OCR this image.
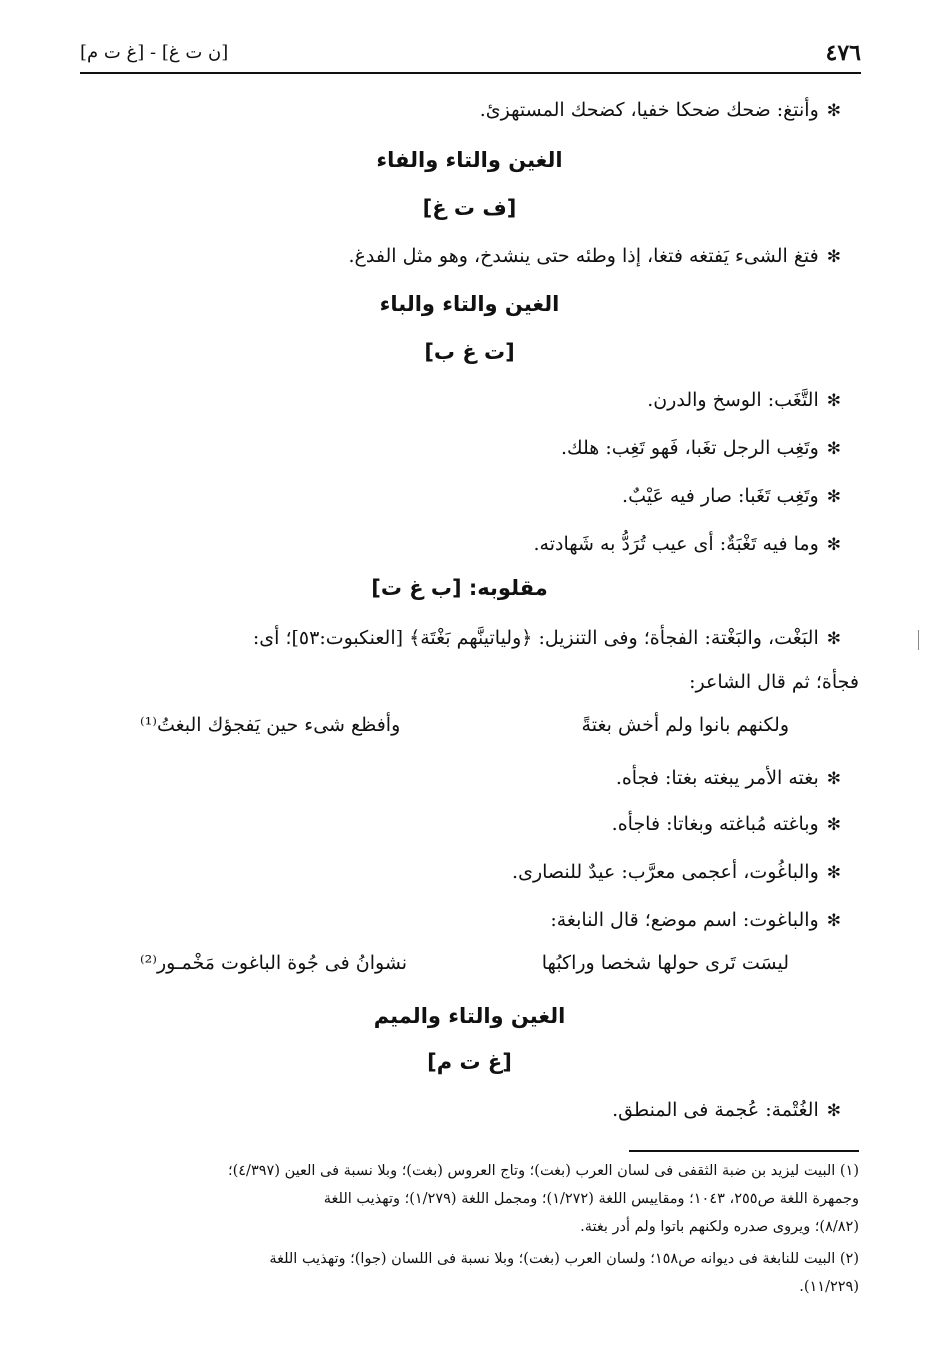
٤٧٦
[ن ت غ] - [غ ت م]
✻وأنتغ: ضحك ضحكا خفيا، كضحك المستهزئ.
الغين والتاء والفاء
[ف ت غ]
✻فتغ الشىء يَفتغه فتغا، إذا وطئه حتى ينشدخ، وهو مثل الفدغ.
الغين والتاء والباء
[ت غ ب]
✻التَّغَب: الوسخ والدرن.
✻وتَغِب الرجل تغَبا، فَهو تَغِب: هلك.
✻وتَغِب تَغَبا: صار فيه عَيْبٌ.
✻وما فيه تَغْبَةٌ: أى عيب تُرَدُّ به شَهادته.
مقلوبه: [ب غ ت]
✻البَغْت، والبَغْتة: الفجأة؛ وفى التنزيل: ﴿ولياتينَّهم بَغْتَة﴾ [العنكبوت:٥٣]؛ أى:
فجأة؛ ثم قال الشاعر:
ولكنهم بانوا ولم أخش بغتةً
وأفظع شىء حين يَفجؤك البغتُ⁽¹⁾
✻بغته الأمر يبغته بغتا: فجأه.
✻وباغته مُباغته وبغاتا: فاجأه.
✻والباغُوت، أعجمى معرَّب: عيدٌ للنصارى.
✻والباغوت: اسم موضع؛ قال النابغة:
ليسَت تَرى حولها شخصا وراكبُها
نشوانُ فى جُوة الباغوت مَخْمـور⁽²⁾
الغين والتاء والميم
[غ ت م]
✻الغُتْمة: عُجمة فى المنطق.
(١) البيت ليزيد بن ضبة الثقفى فى لسان العرب (بغت)؛ وتاج العروس (بغت)؛ وبلا نسبة فى العين (٤/٣٩٧)؛
وجمهرة اللغة ص٢٥٥، ١٠٤٣؛ ومقاييس اللغة (١/٢٧٢)؛ ومجمل اللغة (١/٢٧٩)؛ وتهذيب اللغة
(٨/٨٢)؛ ويروى صدره ولكنهم باتوا ولم أدر بغتة.
(٢) البيت للنابغة فى ديوانه ص١٥٨؛ ولسان العرب (بغت)؛ وبلا نسبة فى اللسان (جوا)؛ وتهذيب اللغة
(١١/٢٢٩).
